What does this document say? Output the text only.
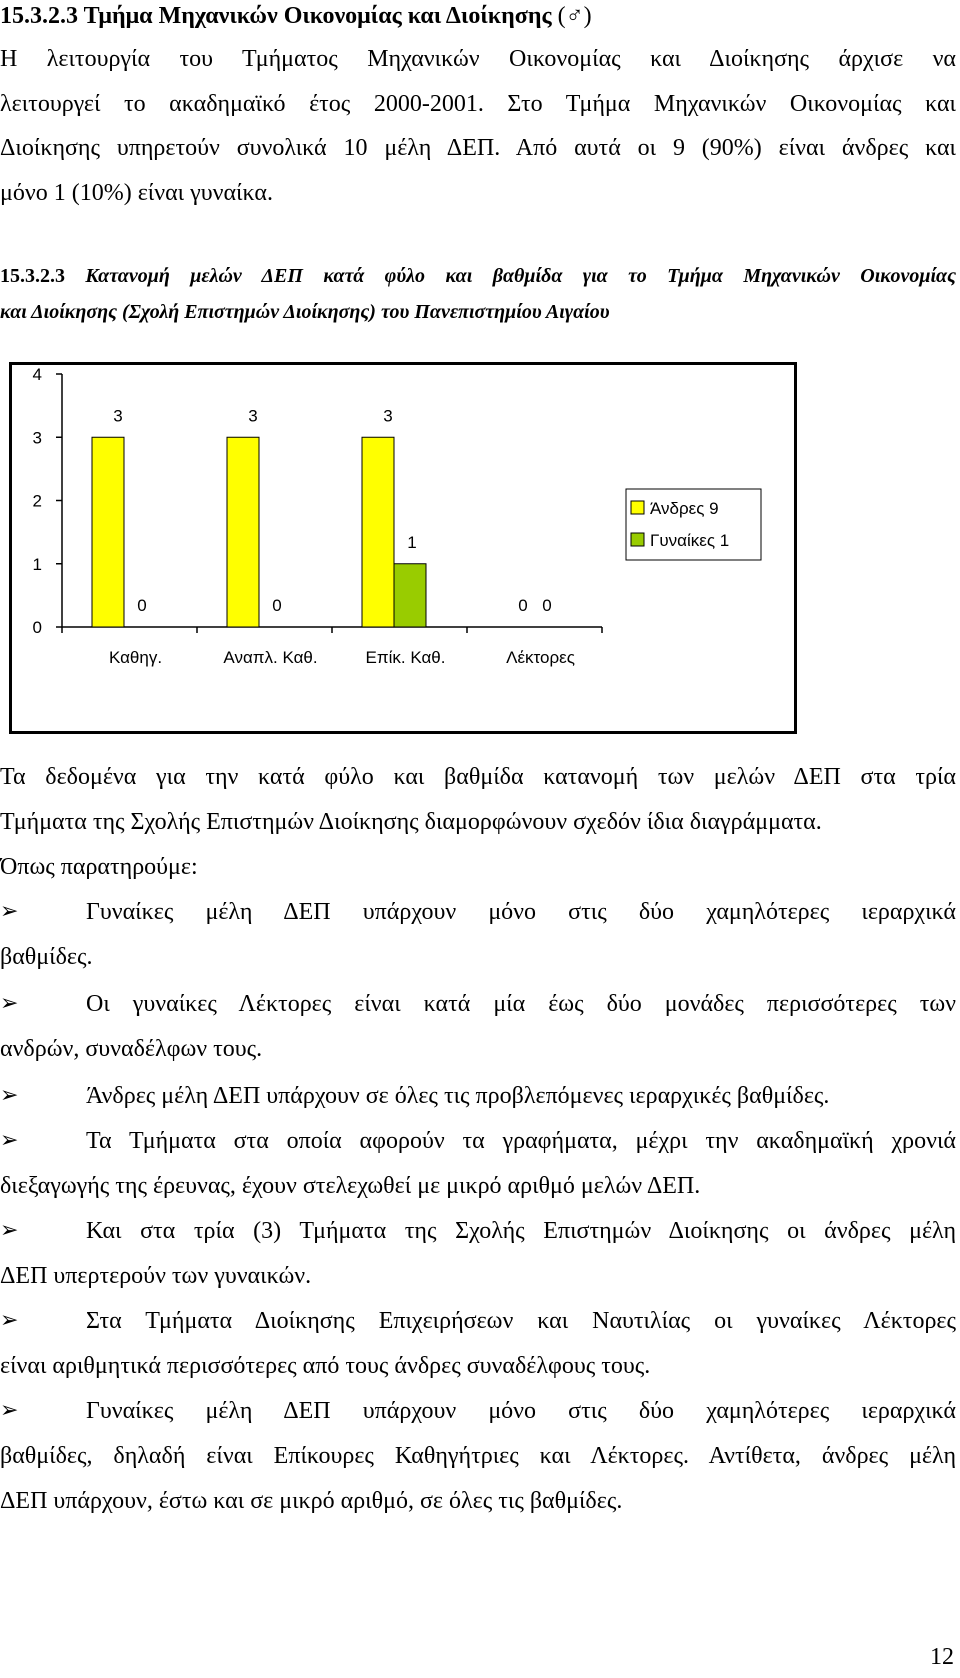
15.3.2.3 Τμήμα Μηχανικών Οικονομίας και Διοίκησης (♂)
Η λειτουργία του Τμήματος Μηχανικών Οικονομίας και Διοίκησης άρχισε να
λειτουργεί το ακαδημαϊκό έτος 2000-2001. Στο Τμήμα Μηχανικών Οικονομίας και
Διοίκησης υπηρετούν συνολικά 10 μέλη ΔΕΠ. Από αυτά οι 9 (90%) είναι άνδρες και
μόνο 1 (10%) είναι γυναίκα.
15.3.2.3 Κατανομή μελών ΔΕΠ κατά φύλο και βαθμίδα για το Τμήμα Μηχανικών Οικονομίας
και Διοίκησης (Σχολή Επιστημών Διοίκησης) του Πανεπιστημίου Αιγαίου
0
1
2
3
4
3	3	3
0
0	0
1
0
Καθηγ.	Αναπλ. Καθ.	Επίκ. Καθ.	Λέκτορες
Άνδρες 9
Γυναίκες 1
Τα δεδομένα για την κατά φύλο και βαθμίδα κατανομή των μελών ΔΕΠ στα τρία
Τμήματα της Σχολής Επιστημών Διοίκησης διαμορφώνουν σχεδόν ίδια διαγράμματα.
Όπως παρατηρούμε:
➢	Γυναίκες μέλη ΔΕΠ υπάρχουν μόνο στις δύο χαμηλότερες ιεραρχικά
βαθμίδες.
➢	Οι γυναίκες Λέκτορες είναι κατά μία έως δύο μονάδες περισσότερες των
ανδρών, συναδέλφων τους.
➢	Άνδρες μέλη ΔΕΠ υπάρχουν σε όλες τις προβλεπόμενες ιεραρχικές βαθμίδες.
➢	Τα Τμήματα στα οποία αφορούν τα γραφήματα, μέχρι την ακαδημαϊκή χρονιά
διεξαγωγής της έρευνας, έχουν στελεχωθεί με μικρό αριθμό μελών ΔΕΠ.
➢	Και στα τρία (3) Τμήματα της Σχολής Επιστημών Διοίκησης οι άνδρες μέλη
ΔΕΠ υπερτερούν των γυναικών.
➢	Στα Τμήματα Διοίκησης Επιχειρήσεων και Ναυτιλίας οι γυναίκες Λέκτορες
είναι αριθμητικά περισσότερες από τους άνδρες συναδέλφους τους.
➢	Γυναίκες μέλη ΔΕΠ υπάρχουν μόνο στις δύο χαμηλότερες ιεραρχικά
βαθμίδες, δηλαδή είναι Επίκουρες Καθηγήτριες και Λέκτορες. Αντίθετα, άνδρες μέλη
ΔΕΠ υπάρχουν, έστω και σε μικρό αριθμό, σε όλες τις βαθμίδες.
12
